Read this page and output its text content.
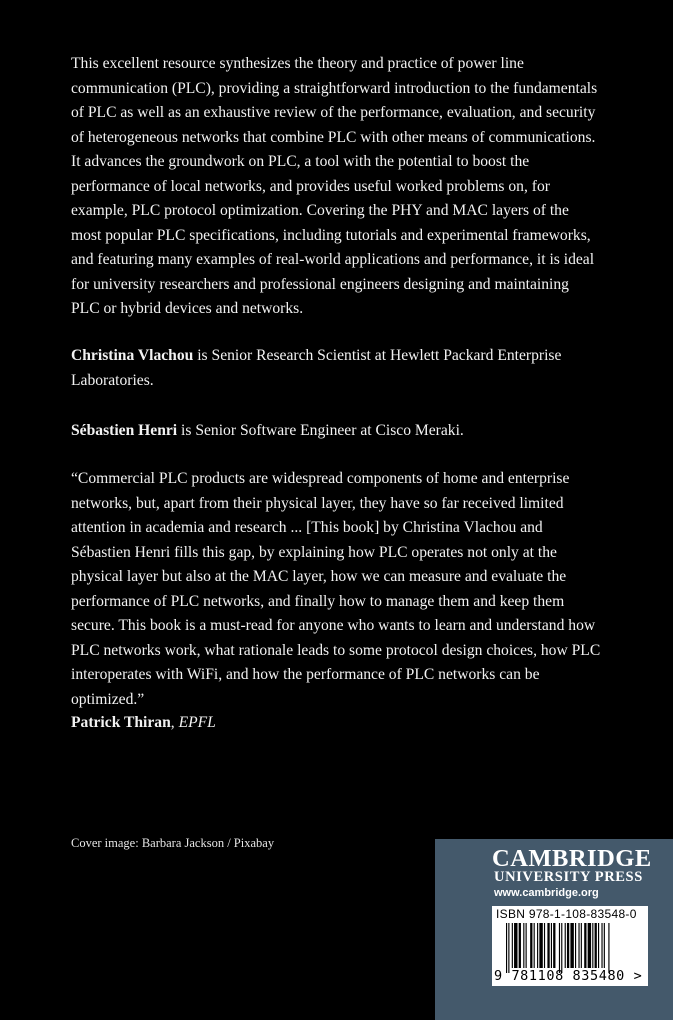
This excellent resource synthesizes the theory and practice of power line communication (PLC), providing a straightforward introduction to the fundamentals of PLC as well as an exhaustive review of the performance, evaluation, and security of heterogeneous networks that combine PLC with other means of communications. It advances the groundwork on PLC, a tool with the potential to boost the performance of local networks, and provides useful worked problems on, for example, PLC protocol optimization. Covering the PHY and MAC layers of the most popular PLC specifications, including tutorials and experimental frameworks, and featuring many examples of real-world applications and performance, it is ideal for university researchers and professional engineers designing and maintaining PLC or hybrid devices and networks.
Christina Vlachou is Senior Research Scientist at Hewlett Packard Enterprise Laboratories.
Sébastien Henri is Senior Software Engineer at Cisco Meraki.
“Commercial PLC products are widespread components of home and enterprise networks, but, apart from their physical layer, they have so far received limited attention in academia and research ... [This book] by Christina Vlachou and Sébastien Henri fills this gap, by explaining how PLC operates not only at the physical layer but also at the MAC layer, how we can measure and evaluate the performance of PLC networks, and finally how to manage them and keep them secure. This book is a must-read for anyone who wants to learn and understand how PLC networks work, what rationale leads to some protocol design choices, how PLC interoperates with WiFi, and how the performance of PLC networks can be optimized.”
Patrick Thiran, EPFL
Cover image: Barbara Jackson / Pixabay
CAMBRIDGE
UNIVERSITY PRESS
www.cambridge.org
ISBN 978-1-108-83548-0
9 781108 835480 >
